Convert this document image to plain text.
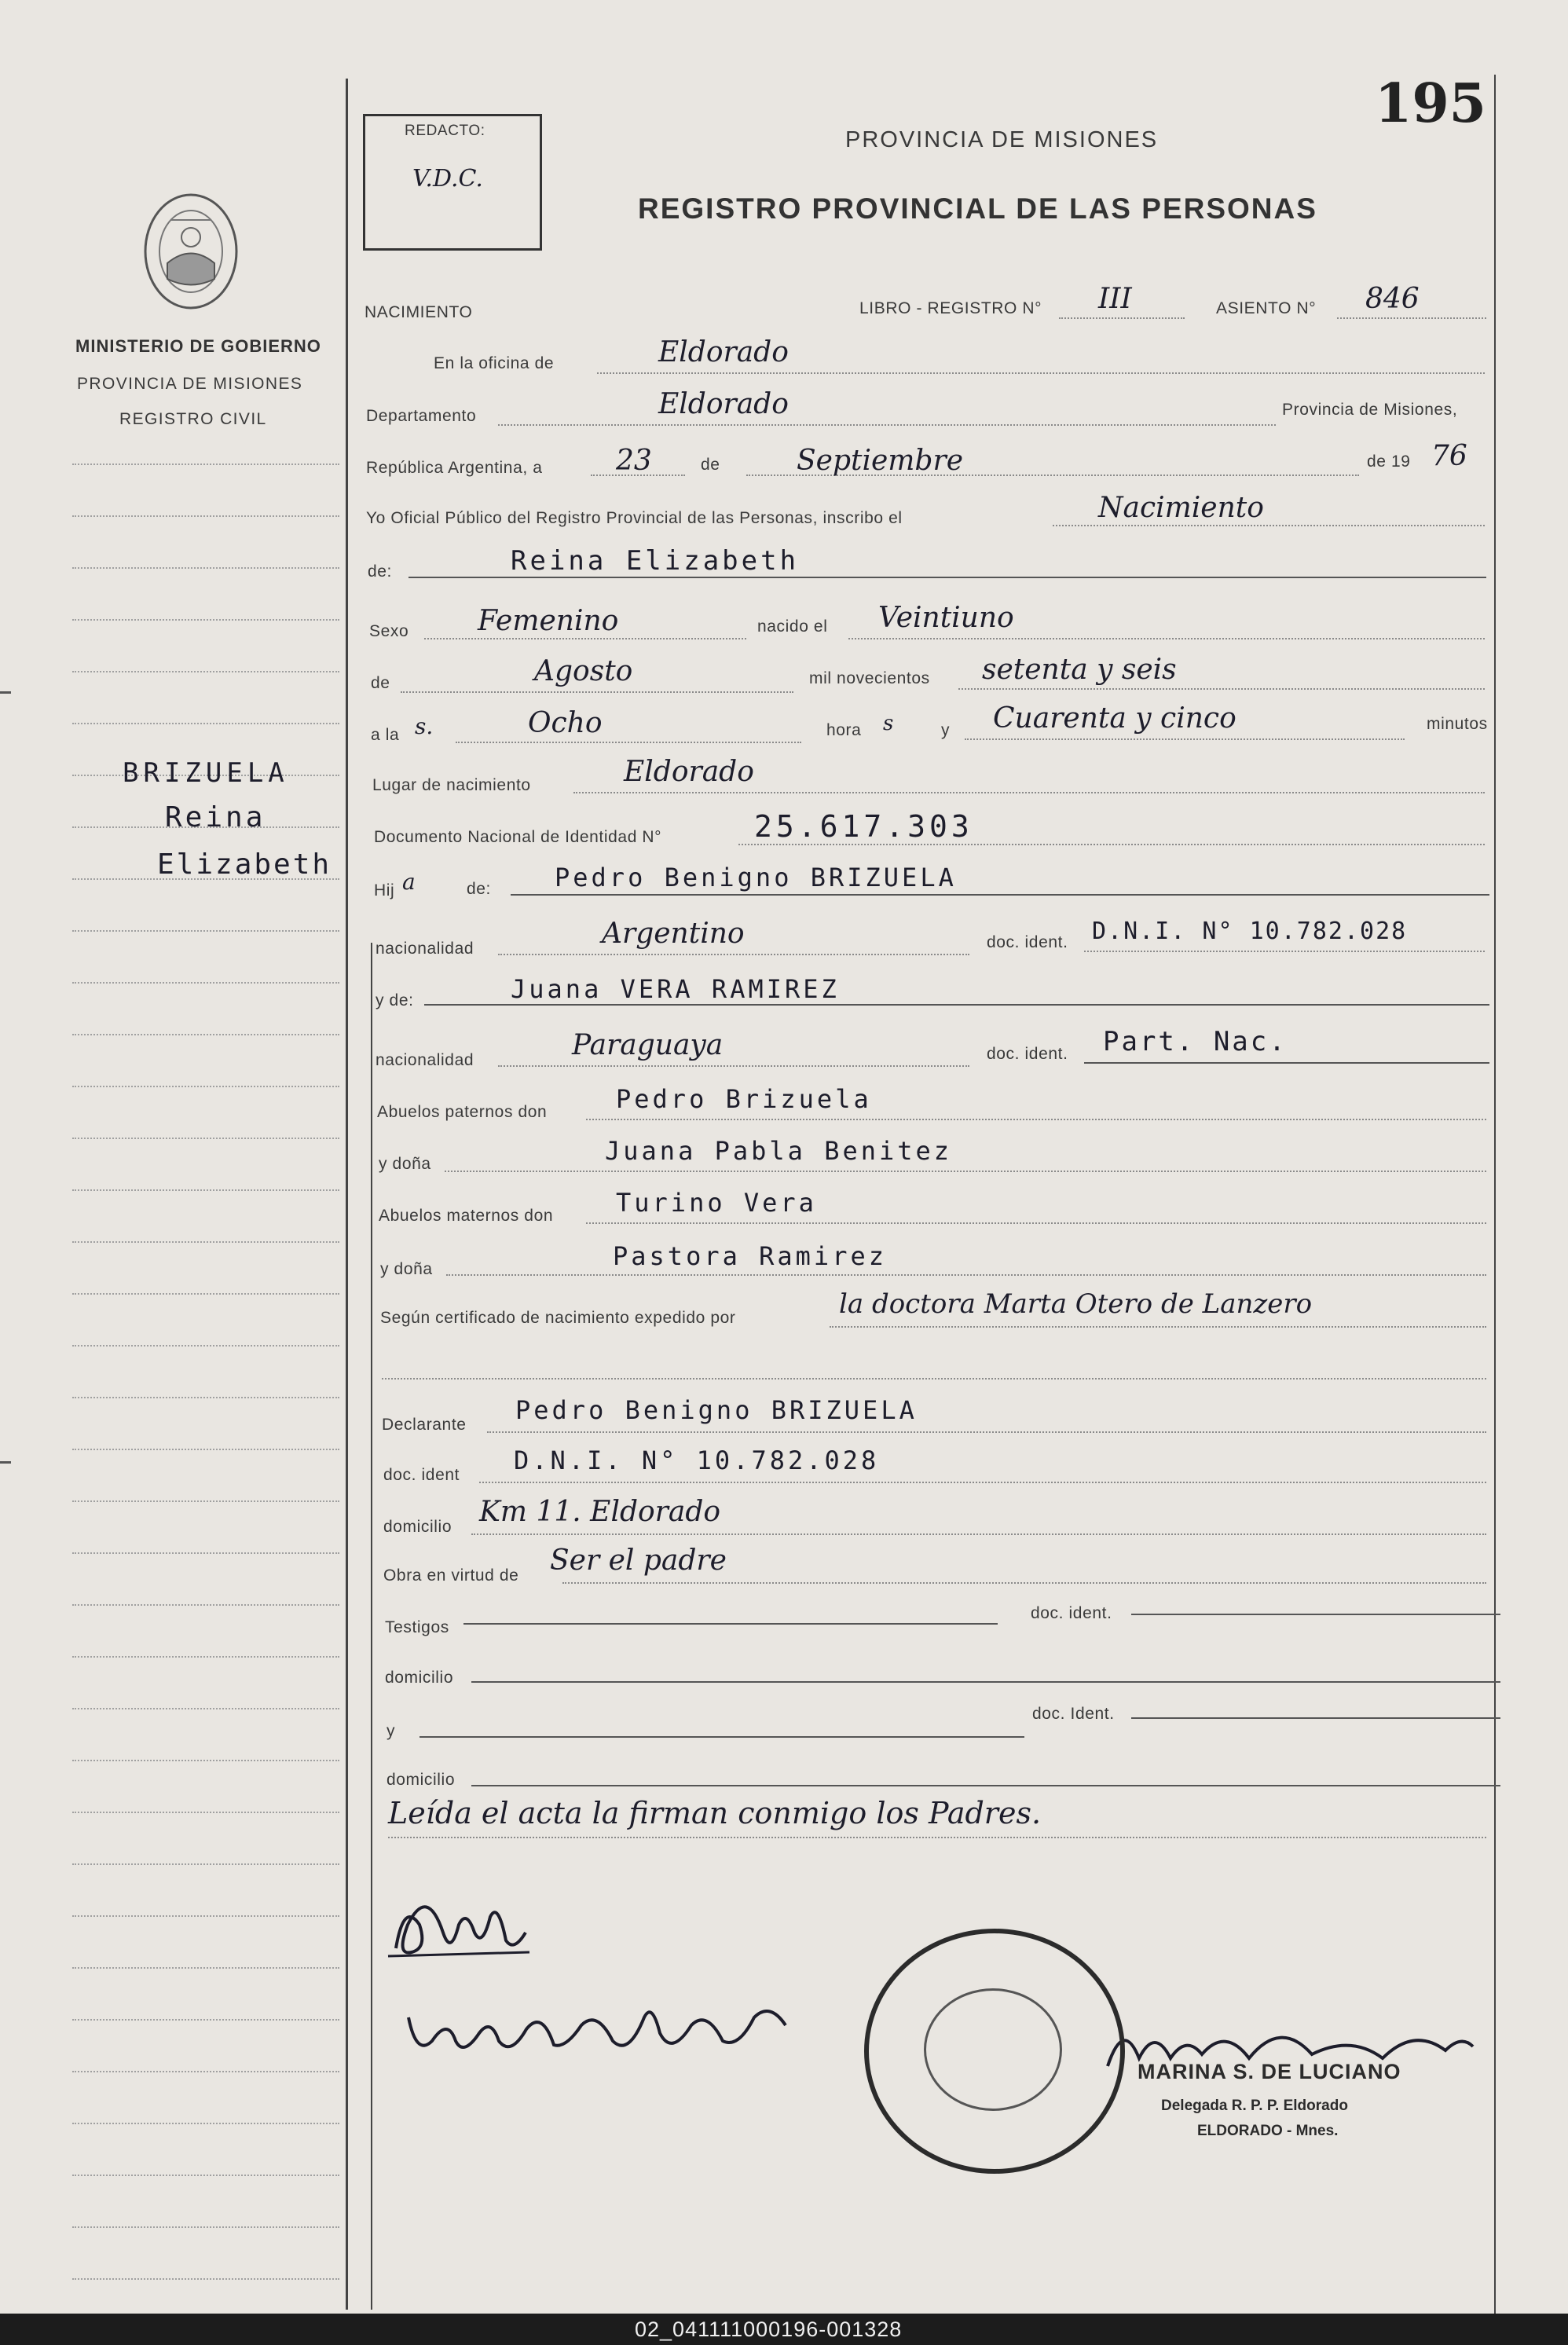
195
REDACTO:
V.D.C.
PROVINCIA DE MISIONES
REGISTRO PROVINCIAL DE LAS PERSONAS
MINISTERIO DE GOBIERNO
PROVINCIA DE MISIONES
REGISTRO CIVIL
BRIZUELA
Reina
Elizabeth
NACIMIENTO	LIBRO - REGISTRO N° III	ASIENTO N° 846
En la oficina de	Eldorado
Departamento	Eldorado	Provincia de Misiones,
República Argentina, a	23	de	Septiembre	de 19 76
Yo Oficial Público del Registro Provincial de las Personas, inscribo el	Nacimiento
de:	Reina Elizabeth
Sexo Femenino	nacido el Veintiuno
de	Agosto	mil novecientos setenta y seis
a la s.	Ocho	hora s	y Cuarenta y cinco	minutos
Lugar de nacimiento	Eldorado
Documento Nacional de Identidad N°	25.617.303
Hij a	de:	Pedro Benigno BRIZUELA
nacionalidad	Argentino	doc. ident. D.N.I. N° 10.782.028
y de:	Juana VERA RAMIREZ
nacionalidad	Paraguaya	doc. ident. Part. Nac.
Abuelos paternos don	Pedro Brizuela
y doña	Juana Pabla Benitez
Abuelos maternos don Turino Vera
y doña	Pastora Ramirez
Según certificado de nacimiento expedido por	la doctora Marta Otero de Lanzero
Declarante Pedro Benigno BRIZUELA
doc. ident D.N.I. N° 10.782.028
domicilio Km 11. Eldorado
Obra en virtud de Ser el padre
Testigos
doc. ident.
domicilio
y
doc. Ident.
domicilio
Leída el acta la firman conmigo los Padres.
MARINA S. DE LUCIANO
Delegada R. P. P. Eldorado
ELDORADO - Mnes.
02_041111000196-001328
